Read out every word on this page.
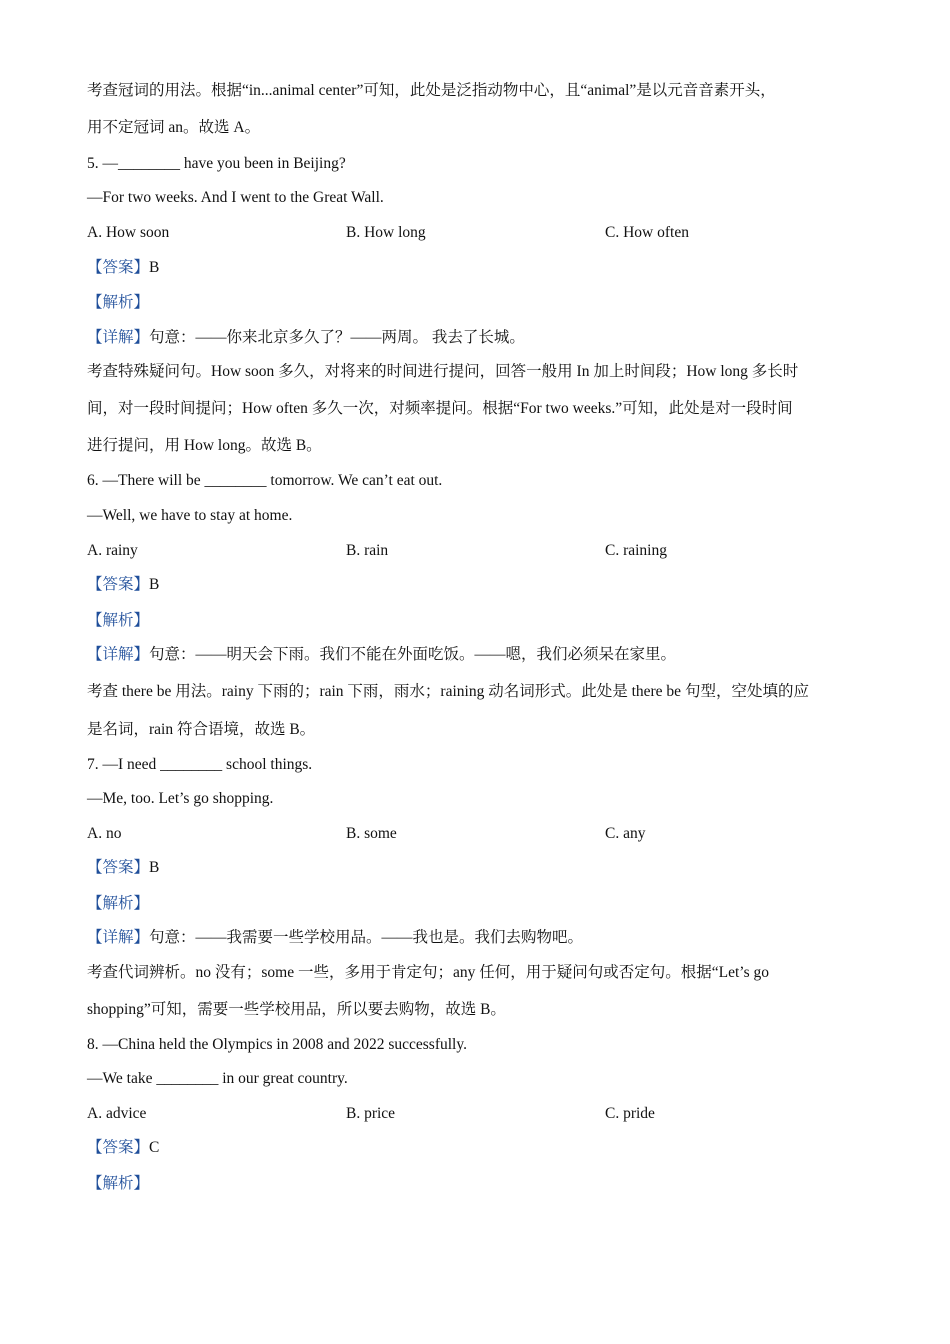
考查冠词的用法。根据“in...animal center”可知，此处是泛指动物中心，且“animal”是以元音音素开头，
用不定冠词 an。故选 A。
5. —________ have you been in Beijing?
—For two weeks. And I went to the Great Wall.
A. How soon	B. How long	C. How often
【答案】B
【解析】
【详解】句意：——你来北京多久了？——两周。 我去了长城。
考查特殊疑问句。How soon 多久，对将来的时间进行提问，回答一般用 In 加上时间段；How long 多长时
间，对一段时间提问；How often 多久一次，对频率提问。根据“For two weeks.”可知，此处是对一段时间
进行提问，用 How long。故选 B。
6. —There will be ________ tomorrow. We can’t eat out.
—Well, we have to stay at home.
A. rainy	B. rain	C. raining
【答案】B
【解析】
【详解】句意：——明天会下雨。我们不能在外面吃饭。——嗯，我们必须呆在家里。
考查 there be 用法。rainy 下雨的；rain 下雨，雨水；raining 动名词形式。此处是 there be 句型，空处填的应
是名词，rain 符合语境，故选 B。
7. —I need ________ school things.
—Me, too. Let’s go shopping.
A. no	B. some	C. any
【答案】B
【解析】
【详解】句意：——我需要一些学校用品。——我也是。我们去购物吧。
考查代词辨析。no 没有；some 一些，多用于肯定句；any 任何，用于疑问句或否定句。根据“Let’s go
shopping”可知，需要一些学校用品，所以要去购物，故选 B。
8. —China held the Olympics in 2008 and 2022 successfully.
—We take ________ in our great country.
A. advice	B. price	C. pride
【答案】C
【解析】
